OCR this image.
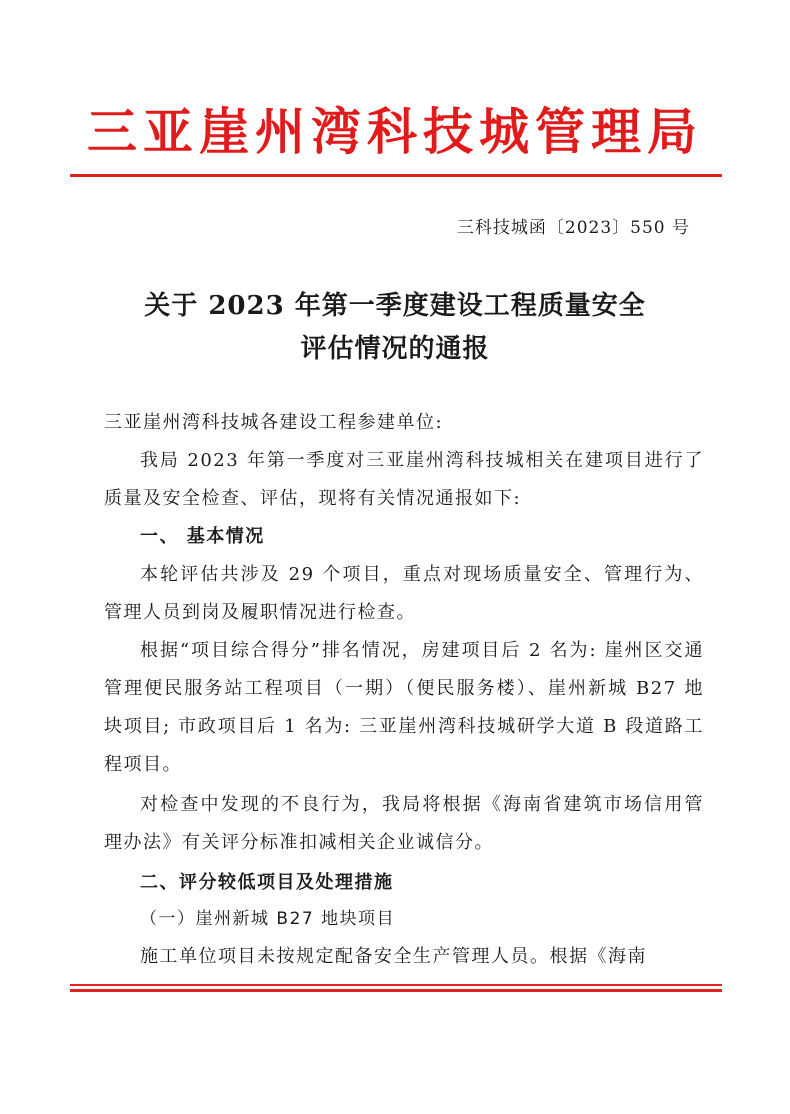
三亚崖州湾科技城管理局
三科技城函〔2023〕550 号
关于 2023 年第一季度建设工程质量安全
评估情况的通报
三亚崖州湾科技城各建设工程参建单位:
我局 2023 年第一季度对三亚崖州湾科技城相关在建项目进行了质量及安全检查、评估，现将有关情况通报如下:
一、 基本情况
本轮评估共涉及 29 个项目，重点对现场质量安全、管理行为、管理人员到岗及履职情况进行检查。
根据“项目综合得分”排名情况，房建项目后 2 名为: 崖州区交通管理便民服务站工程项目（一期）（便民服务楼）、崖州新城 B27 地块项目; 市政项目后 1 名为: 三亚崖州湾科技城研学大道 B 段道路工程项目。
对检查中发现的不良行为，我局将根据《海南省建筑市场信用管理办法》有关评分标准扣减相关企业诚信分。
二、评分较低项目及处理措施
（一）崖州新城 B27 地块项目
施工单位项目未按规定配备安全生产管理人员。根据《海南
